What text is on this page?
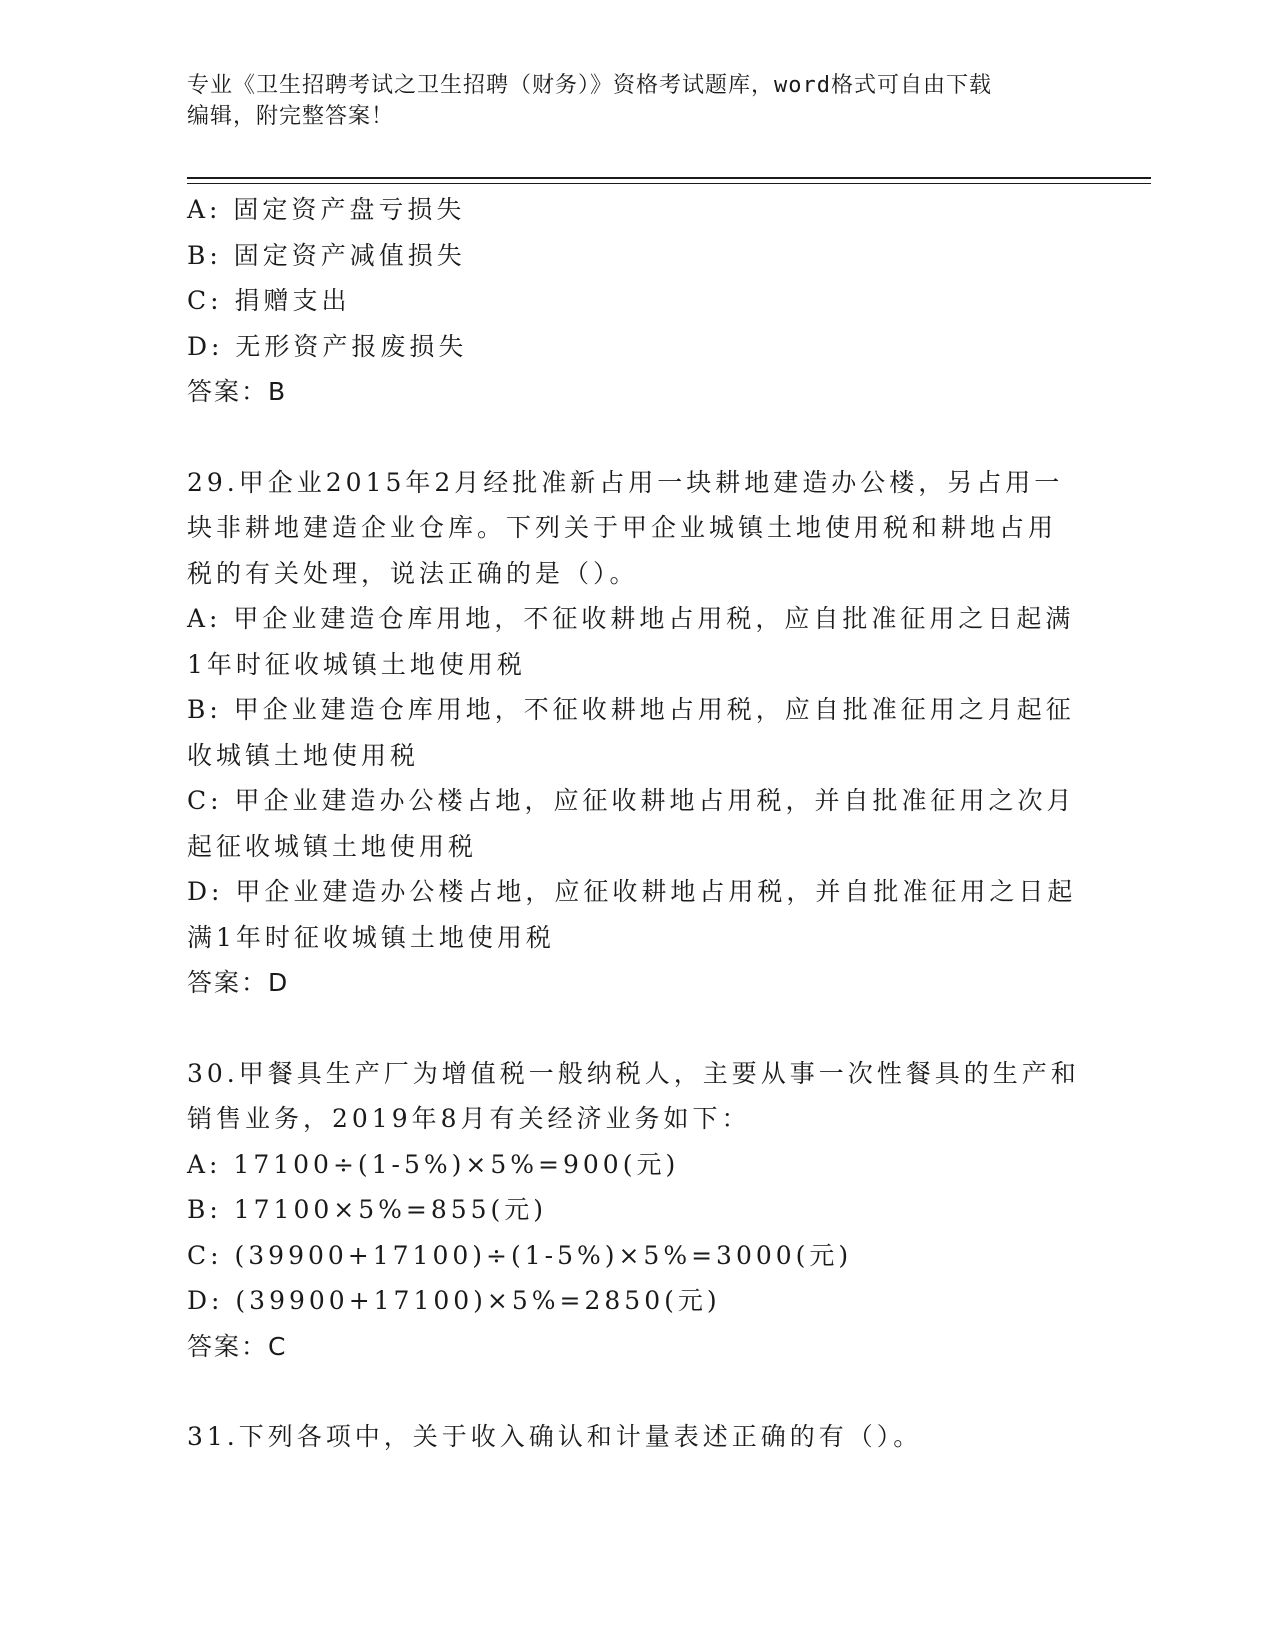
专业《卫生招聘考试之卫生招聘（财务）》资格考试题库，word格式可自由下载
编辑，附完整答案！

A: 固定资产盘亏损失

B: 固定资产减值损失

C: 捐赠支出

D: 无形资产报废损失

答案：B

29.甲企业2015年2月经批准新占用一块耕地建造办公楼，另占用一

块非耕地建造企业仓库。下列关于甲企业城镇土地使用税和耕地占用

税的有关处理，说法正确的是（）。

A: 甲企业建造仓库用地，不征收耕地占用税，应自批准征用之日起满

1年时征收城镇土地使用税

B: 甲企业建造仓库用地，不征收耕地占用税，应自批准征用之月起征

收城镇土地使用税

C: 甲企业建造办公楼占地，应征收耕地占用税，并自批准征用之次月

起征收城镇土地使用税

D: 甲企业建造办公楼占地，应征收耕地占用税，并自批准征用之日起

满1年时征收城镇土地使用税

答案：D

30.甲餐具生产厂为增值税一般纳税人，主要从事一次性餐具的生产和

销售业务，2019年8月有关经济业务如下：

A: 17100÷(1-5%)×5%=900(元)

B: 17100×5%=855(元)

C: (39900+17100)÷(1-5%)×5%=3000(元)

D: (39900+17100)×5%=2850(元)

答案：C

31.下列各项中，关于收入确认和计量表述正确的有（）。
